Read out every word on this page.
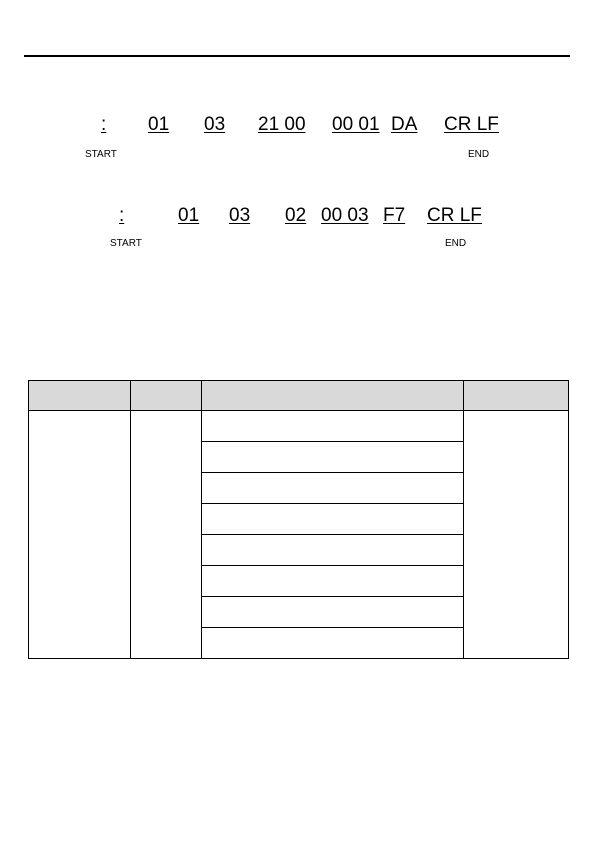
: 01 03 21 00 00 01 DA CR LF
START	END
:	01 03 02 00 03 F7 CR LF
START	END
